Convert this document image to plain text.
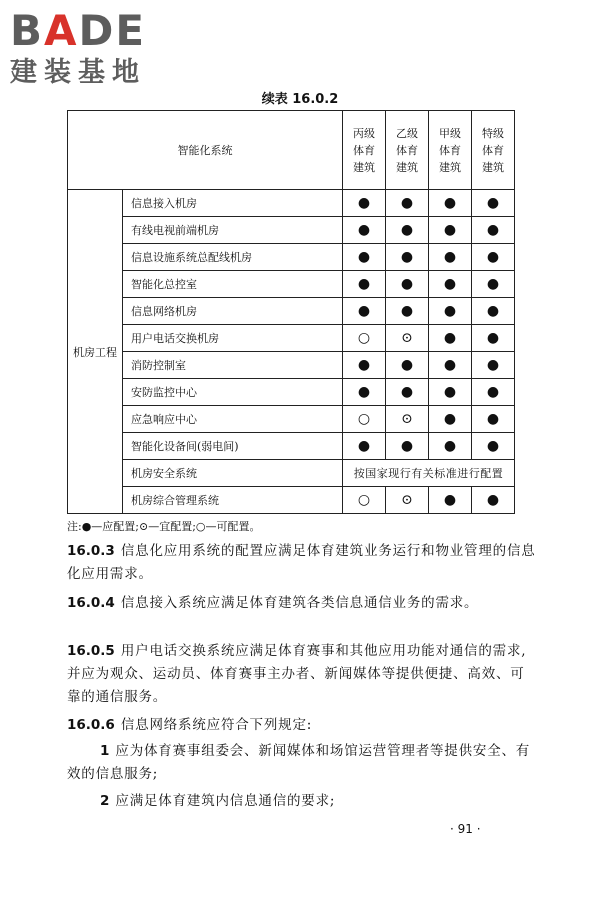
BADE
建装基地
续表 16.0.2
智能化系统		丙级
体育
建筑	乙级
体育
建筑	甲级
体育
建筑	特级
体育
建筑
机房工程	信息接入机房	●	●	●	●
	有线电视前端机房	●	●	●	●
	信息设施系统总配线机房	●	●	●	●
	智能化总控室	●	●	●	●
	信息网络机房	●	●	●	●
	用户电话交换机房	○	⊙	●	●
	消防控制室	●	●	●	●
	安防监控中心	●	●	●	●
	应急响应中心	○	⊙	●	●
	智能化设备间(弱电间)	●	●	●	●
	机房安全系统	按国家现行有关标准进行配置			
	机房综合管理系统	○	⊙	●	●
注:●—应配置;⊙—宜配置;○—可配置。
16.0.3 信息化应用系统的配置应满足体育建筑业务运行和物业管理的信息化应用需求。
16.0.4 信息接入系统应满足体育建筑各类信息通信业务的需求。
16.0.5 用户电话交换系统应满足体育赛事和其他应用功能对通信的需求,并应为观众、运动员、体育赛事主办者、新闻媒体等提供便捷、高效、可靠的通信服务。
16.0.6 信息网络系统应符合下列规定:
1 应为体育赛事组委会、新闻媒体和场馆运营管理者等提供安全、有效的信息服务;
2 应满足体育建筑内信息通信的要求;
· 91 ·
